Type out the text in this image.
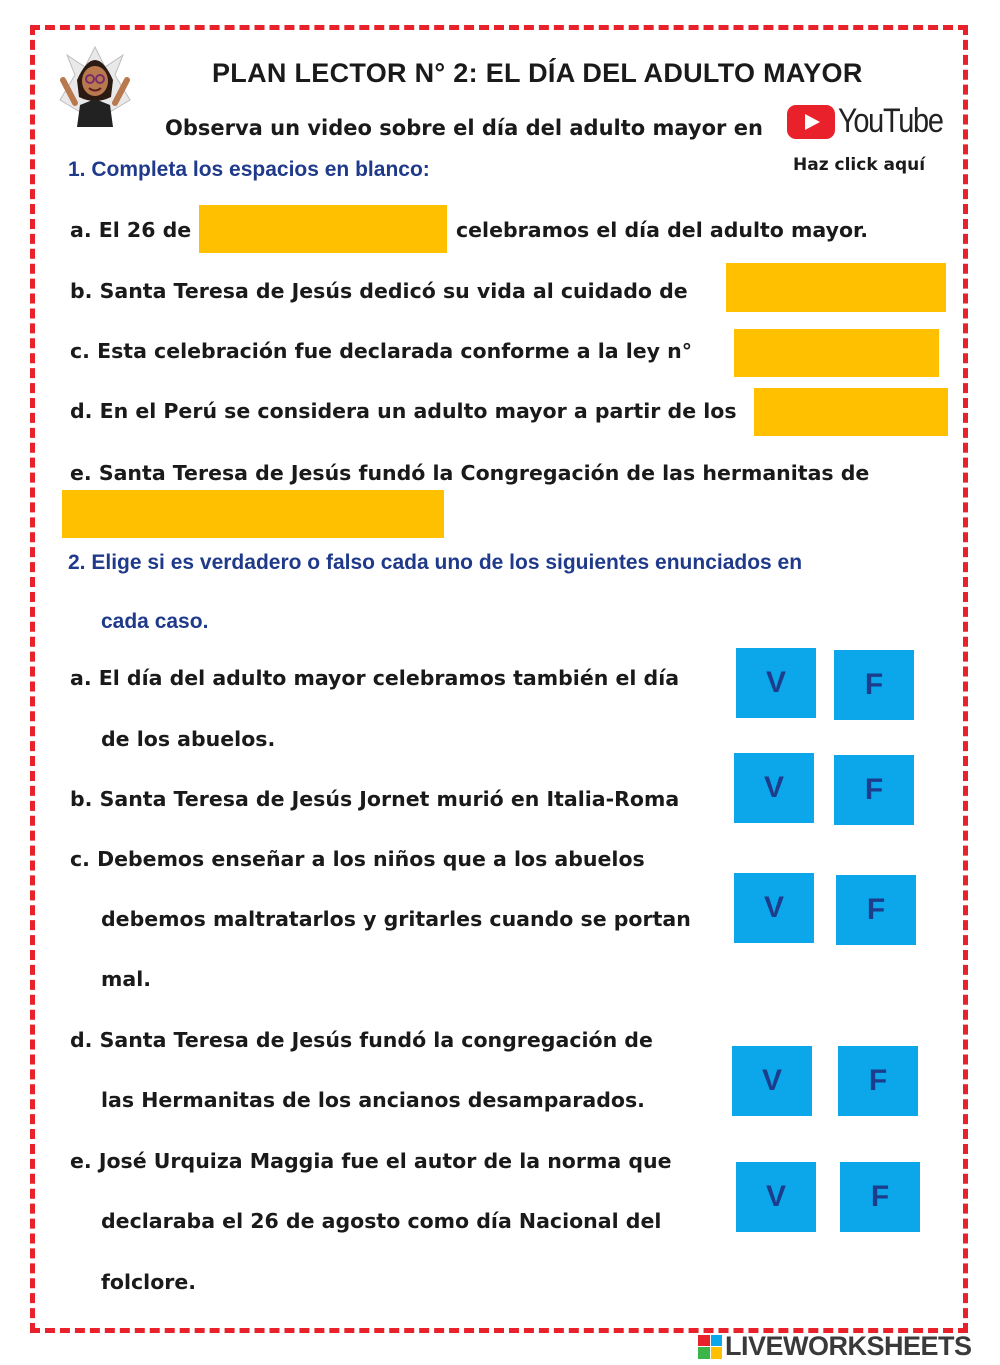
PLAN LECTOR N° 2: EL DÍA DEL ADULTO MAYOR
Observa un video sobre el día del adulto mayor en YouTube
Haz click aquí
1. Completa los espacios en blanco:
a. El 26 de	celebramos el día del adulto mayor.
b. Santa Teresa de Jesús dedicó su vida al cuidado de
c. Esta celebración fue declarada conforme a la ley n°
d. En el Perú se considera un adulto mayor a partir de los
e. Santa Teresa de Jesús fundó la Congregación de las hermanitas de
2. Elige si es verdadero o falso cada uno de los siguientes enunciados en
cada caso.
a. El día del adulto mayor celebramos también el día
de los abuelos.
V	F
b. Santa Teresa de Jesús Jornet murió en Italia-Roma	V	F
c. Debemos enseñar a los niños que a los abuelos
debemos maltratarlos y gritarles cuando se portan
mal.
V	F
d. Santa Teresa de Jesús fundó la congregación de
las Hermanitas de los ancianos desamparados.
V	F
e. José Urquiza Maggia fue el autor de la norma que
declaraba el 26 de agosto como día Nacional del
folclore.
V	F
LIVEWORKSHEETS
